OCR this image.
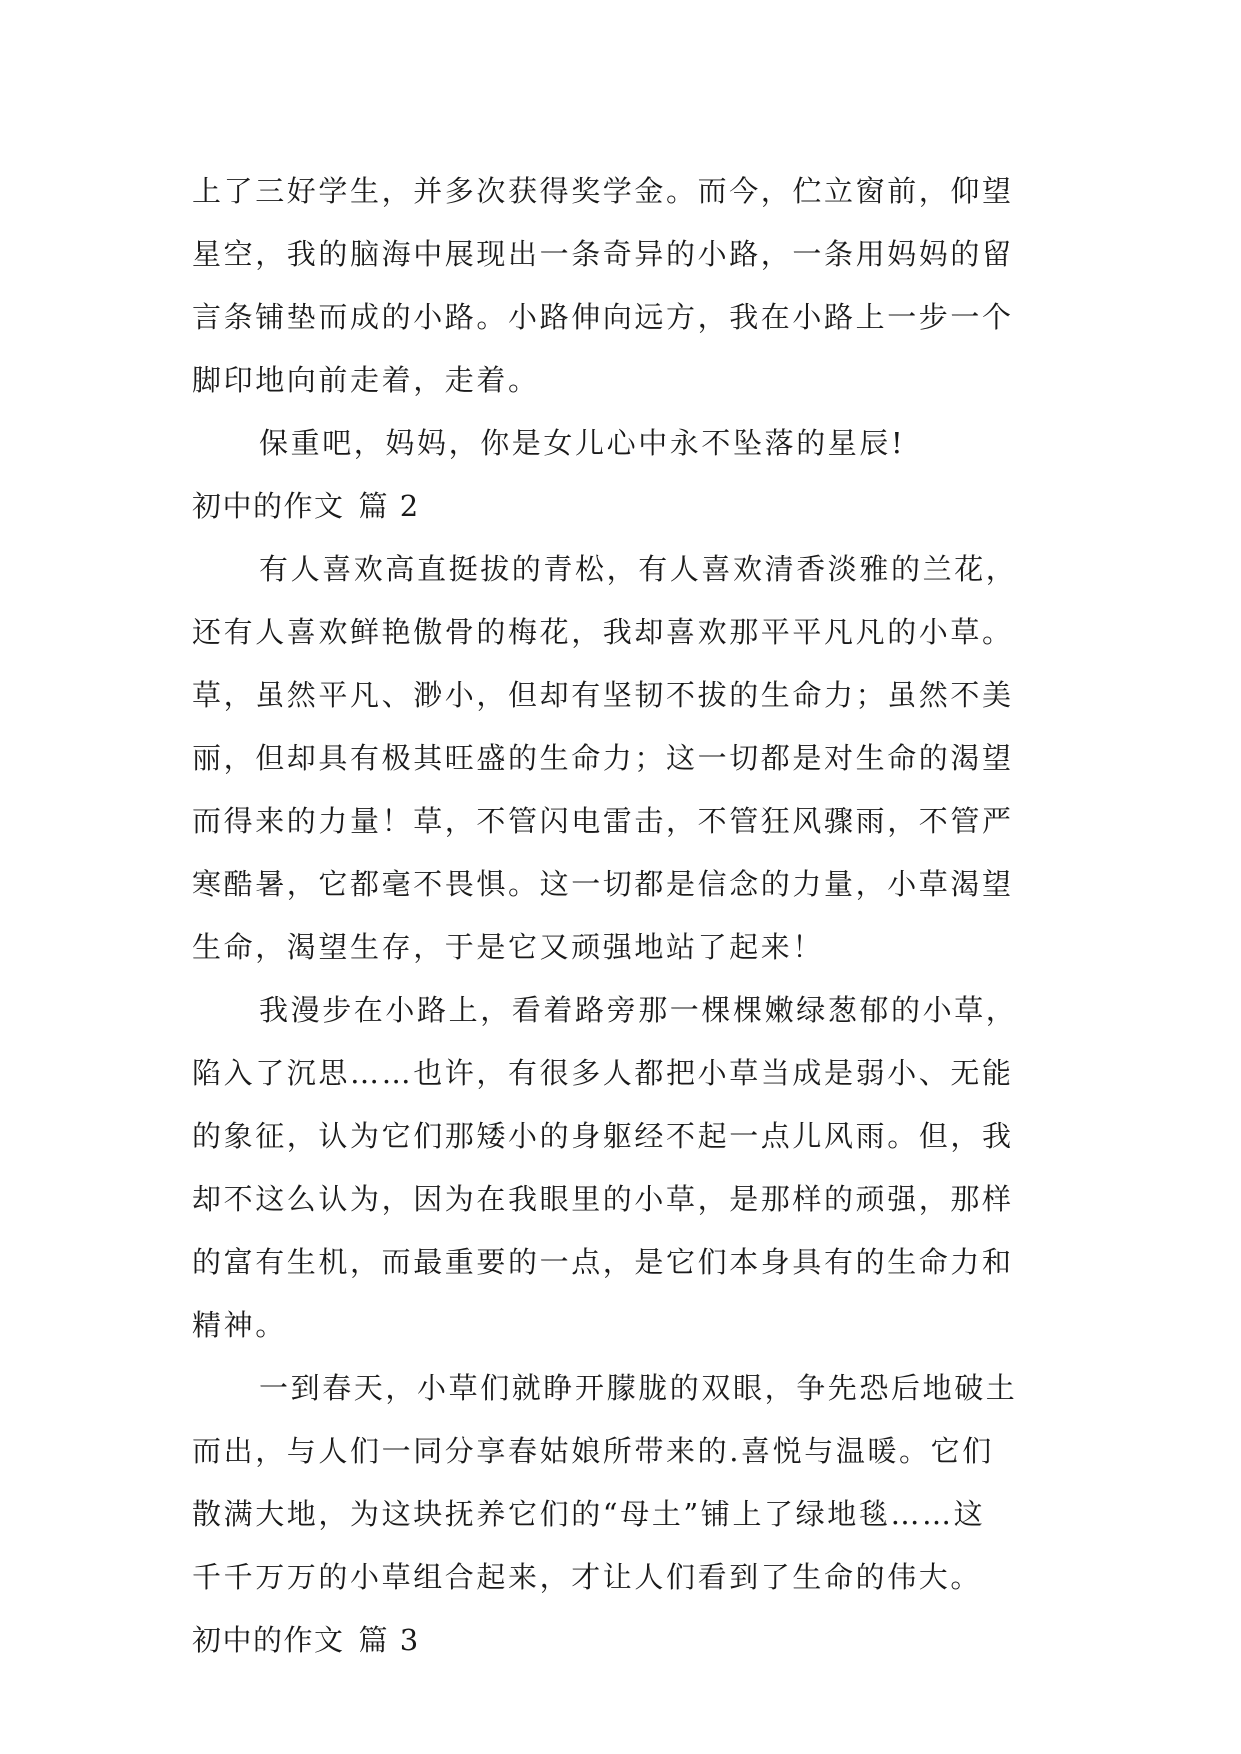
上了三好学生，并多次获得奖学金。而今，伫立窗前，仰望
星空，我的脑海中展现出一条奇异的小路，一条用妈妈的留
言条铺垫而成的小路。小路伸向远方，我在小路上一步一个
脚印地向前走着，走着。
保重吧，妈妈，你是女儿心中永不坠落的星辰!
初中的作文 篇 2
有人喜欢高直挺拔的青松，有人喜欢清香淡雅的兰花，
还有人喜欢鲜艳傲骨的梅花，我却喜欢那平平凡凡的小草。
草，虽然平凡、渺小，但却有坚韧不拔的生命力；虽然不美
丽，但却具有极其旺盛的生命力；这一切都是对生命的渴望
而得来的力量！草，不管闪电雷击，不管狂风骤雨，不管严
寒酷暑，它都毫不畏惧。这一切都是信念的力量，小草渴望
生命，渴望生存，于是它又顽强地站了起来！
我漫步在小路上，看着路旁那一棵棵嫩绿葱郁的小草，
陷入了沉思……也许，有很多人都把小草当成是弱小、无能
的象征，认为它们那矮小的身躯经不起一点儿风雨。但，我
却不这么认为，因为在我眼里的小草，是那样的顽强，那样
的富有生机，而最重要的一点，是它们本身具有的生命力和
精神。
一到春天，小草们就睁开朦胧的双眼，争先恐后地破土
而出，与人们一同分享春姑娘所带来的.喜悦与温暖。它们
散满大地，为这块抚养它们的“母土”铺上了绿地毯……这
千千万万的小草组合起来，才让人们看到了生命的伟大。
初中的作文 篇 3
